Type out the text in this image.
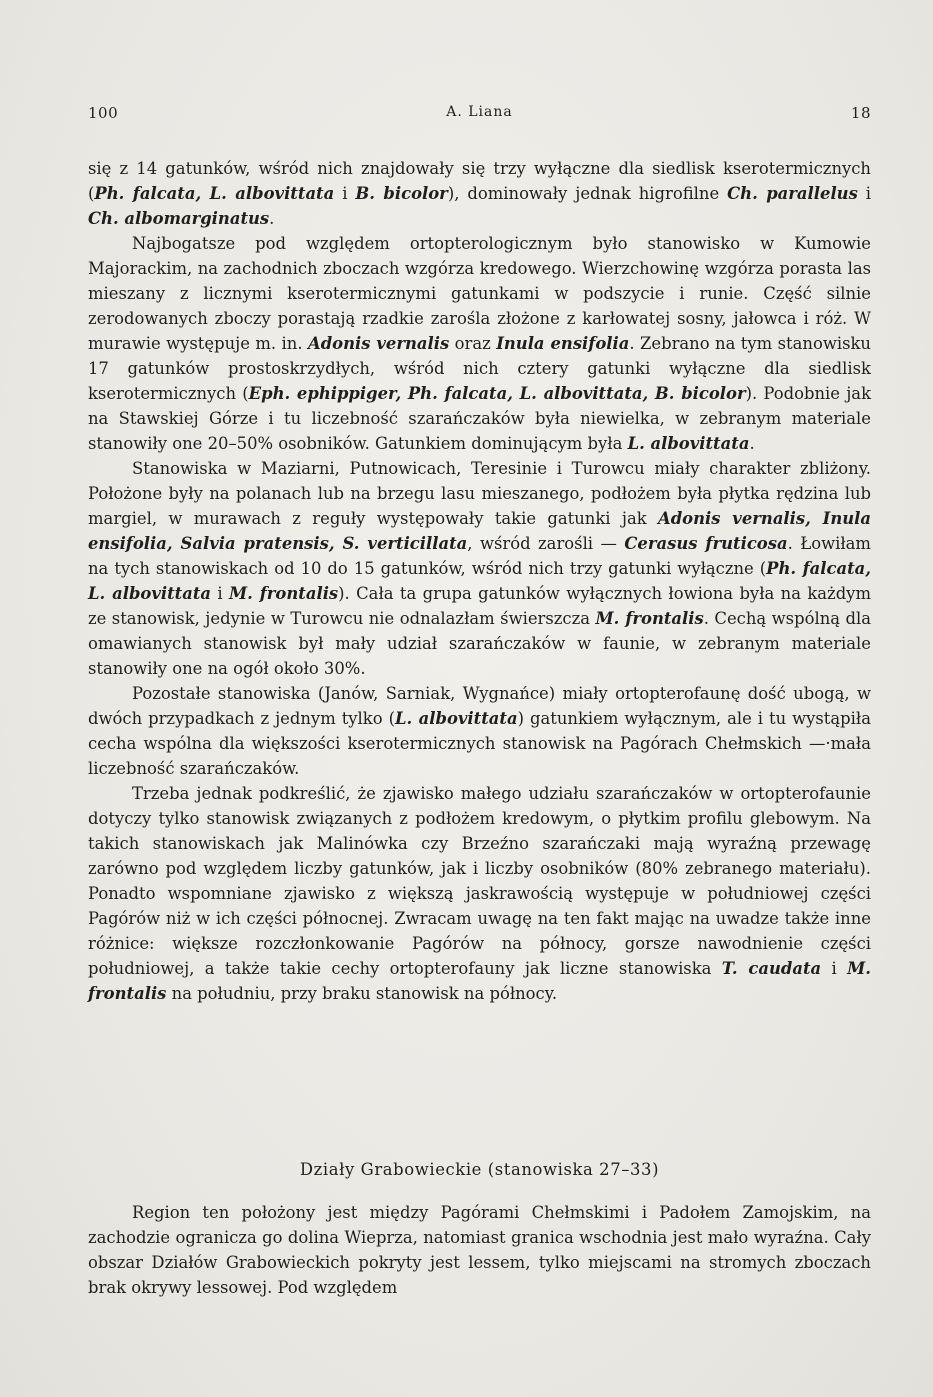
100	A. Liana	18

się z 14 gatunków, wśród nich znajdowały się trzy wyłączne dla siedlisk kserotermicznych (Ph. falcata, L. albovittata i B. bicolor), dominowały jednak higrofilne Ch. parallelus i Ch. albomarginatus.

Najbogatsze pod względem ortopterologicznym było stanowisko w Kumowie Majorackim, na zachodnich zboczach wzgórza kredowego. Wierzchowinę wzgórza porasta las mieszany z licznymi kserotermicznymi gatunkami w podszycie i runie. Część silnie zerodowanych zboczy porastają rzadkie zarośla złożone z karłowatej sosny, jałowca i róż. W murawie występuje m. in. Adonis vernalis oraz Inula ensifolia. Zebrano na tym stanowisku 17 gatunków prostoskrzydłych, wśród nich cztery gatunki wyłączne dla siedlisk kserotermicznych (Eph. ephippiger, Ph. falcata, L. albovittata, B. bicolor). Podobnie jak na Stawskiej Górze i tu liczebność szarańczaków była niewielka, w zebranym materiale stanowiły one 20–50% osobników. Gatunkiem dominującym była L. albovittata.

Stanowiska w Maziarni, Putnowicach, Teresinie i Turowcu miały charakter zbliżony. Położone były na polanach lub na brzegu lasu mieszanego, podłożem była płytka rędzina lub margiel, w murawach z reguły występowały takie gatunki jak Adonis vernalis, Inula ensifolia, Salvia pratensis, S. verticillata, wśród zarośli — Cerasus fruticosa. Łowiłam na tych stanowiskach od 10 do 15 gatunków, wśród nich trzy gatunki wyłączne (Ph. falcata, L. albovittata i M. frontalis). Cała ta grupa gatunków wyłącznych łowiona była na każdym ze stanowisk, jedynie w Turowcu nie odnalazłam świerszcza M. frontalis. Cechą wspólną dla omawianych stanowisk był mały udział szarańczaków w faunie, w zebranym materiale stanowiły one na ogół około 30%.

Pozostałe stanowiska (Janów, Sarniak, Wygnańce) miały ortopterofaunę dość ubogą, w dwóch przypadkach z jednym tylko (L. albovittata) gatunkiem wyłącznym, ale i tu wystąpiła cecha wspólna dla większości kserotermicznych stanowisk na Pagórach Chełmskich —·mała liczebność szarańczaków.

Trzeba jednak podkreślić, że zjawisko małego udziału szarańczaków w ortopterofaunie dotyczy tylko stanowisk związanych z podłożem kredowym, o płytkim profilu glebowym. Na takich stanowiskach jak Malinówka czy Brzeźno szarańczaki mają wyraźną przewagę zarówno pod względem liczby gatunków, jak i liczby osobników (80% zebranego materiału). Ponadto wspomniane zjawisko z większą jaskrawością występuje w południowej części Pagórów niż w ich części północnej. Zwracam uwagę na ten fakt mając na uwadze także inne różnice: większe rozczłonkowanie Pagórów na północy, gorsze nawodnienie części południowej, a także takie cechy ortopterofauny jak liczne stanowiska T. caudata i M. frontalis na południu, przy braku stanowisk na północy.

Działy Grabowieckie (stanowiska 27–33)

Region ten położony jest między Pagórami Chełmskimi i Padołem Zamojskim, na zachodzie ogranicza go dolina Wieprza, natomiast granica wschodnia jest mało wyraźna. Cały obszar Działów Grabowieckich pokryty jest lessem, tylko miejscami na stromych zboczach brak okrywy lessowej. Pod względem
